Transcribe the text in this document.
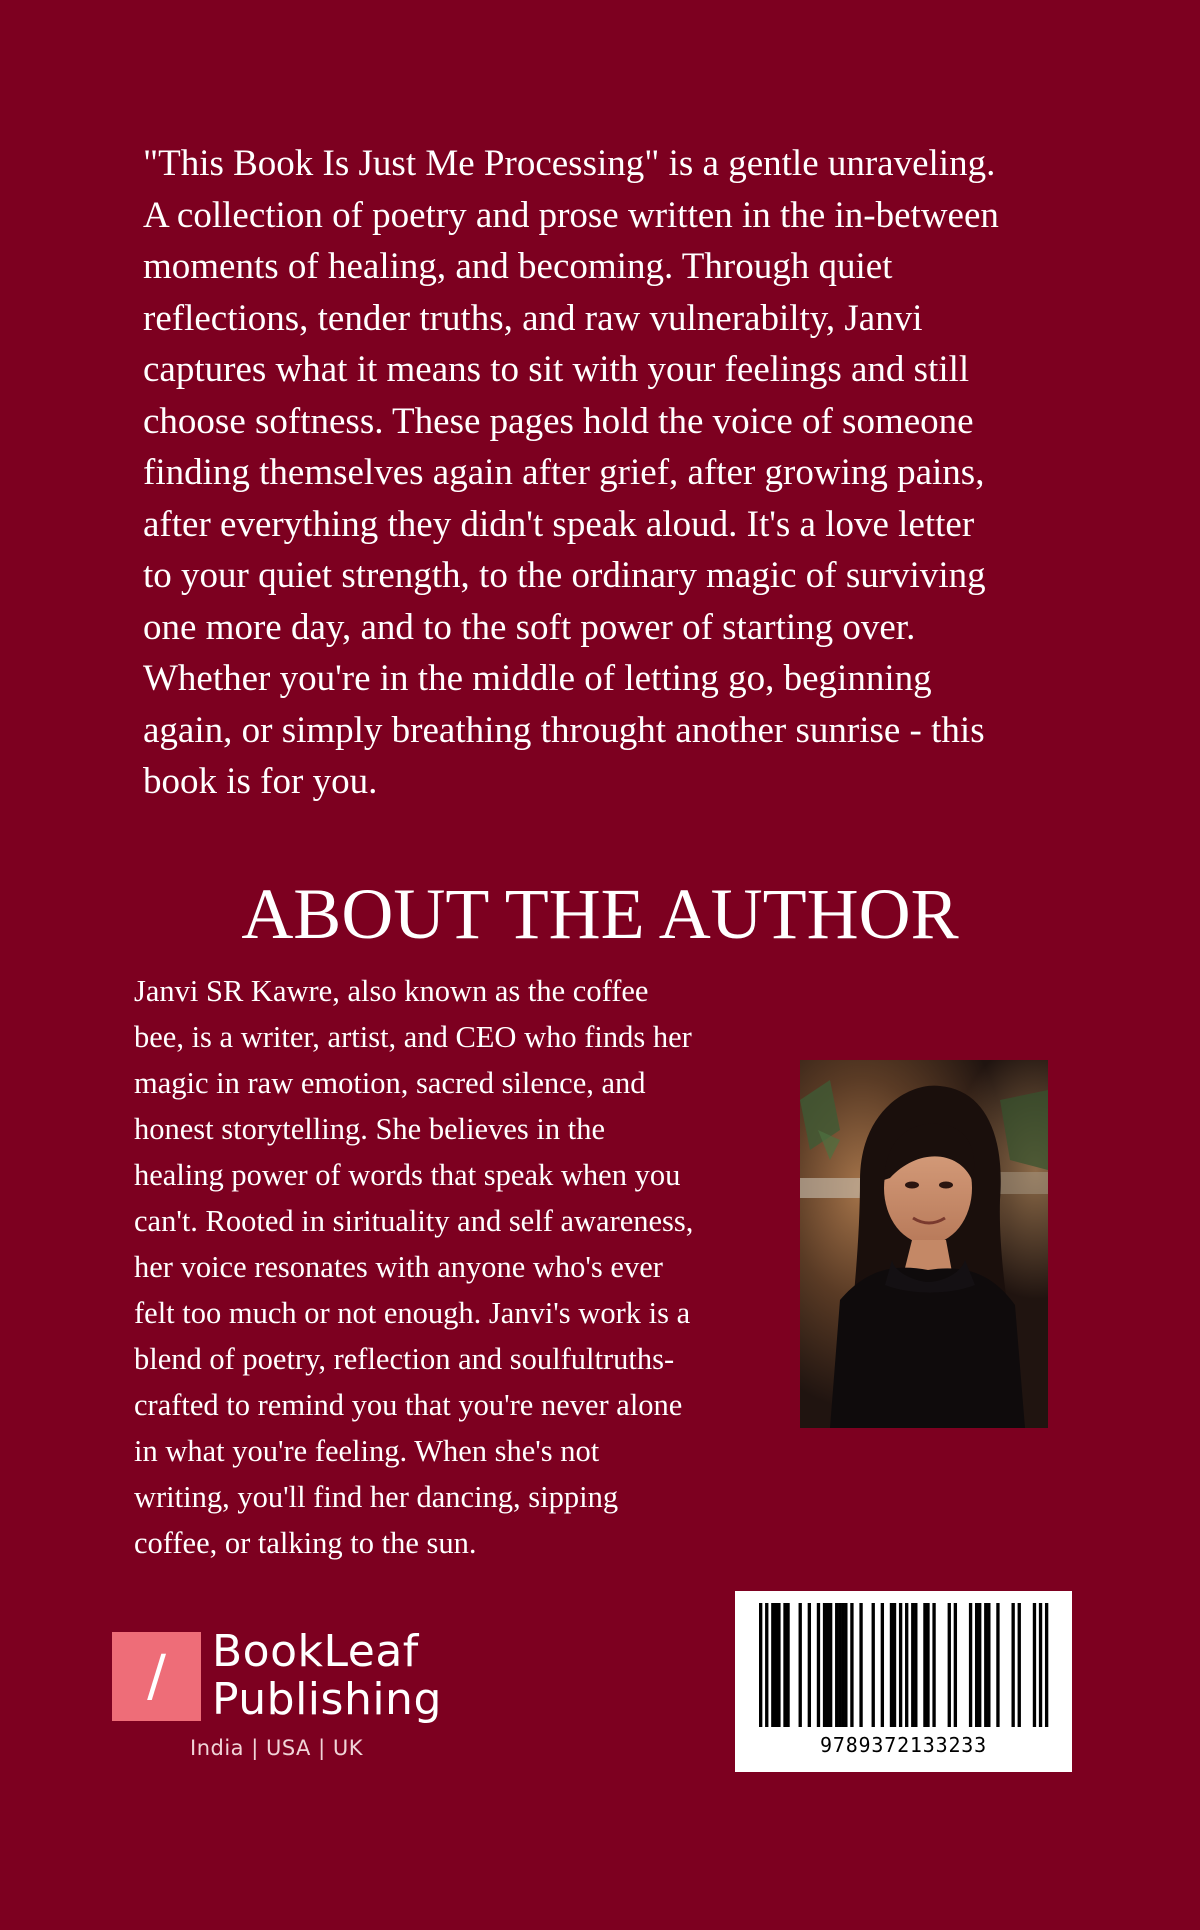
"This Book Is Just Me Processing" is a gentle unraveling.
A collection of poetry and prose written in the in-between
moments of healing, and becoming. Through quiet
reflections, tender truths, and raw vulnerabilty, Janvi
captures what it means to sit with your feelings and still
choose softness. These pages hold the voice of someone
finding themselves again after grief, after growing pains,
after everything they didn't speak aloud. It's a love letter
to your quiet strength, to the ordinary magic of surviving
one more day, and to the soft power of starting over.
Whether you're in the middle of letting go, beginning
again, or simply breathing throught another sunrise - this
book is for you.
ABOUT THE AUTHOR
Janvi SR Kawre, also known as the coffee
bee, is a writer, artist, and CEO who finds her
magic in raw emotion, sacred silence, and
honest storytelling. She believes in the
healing power of words that speak when you
can't. Rooted in sirituality and self awareness,
her voice resonates with anyone who's ever
felt too much or not enough. Janvi's work is a
blend of poetry, reflection and soulfultruths-
crafted to remind you that you're never alone
in what you're feeling. When she's not
writing, you'll find her dancing, sipping
coffee, or talking to the sun.
/ BookLeaf
Publishing
India | USA | UK	9789372133233
